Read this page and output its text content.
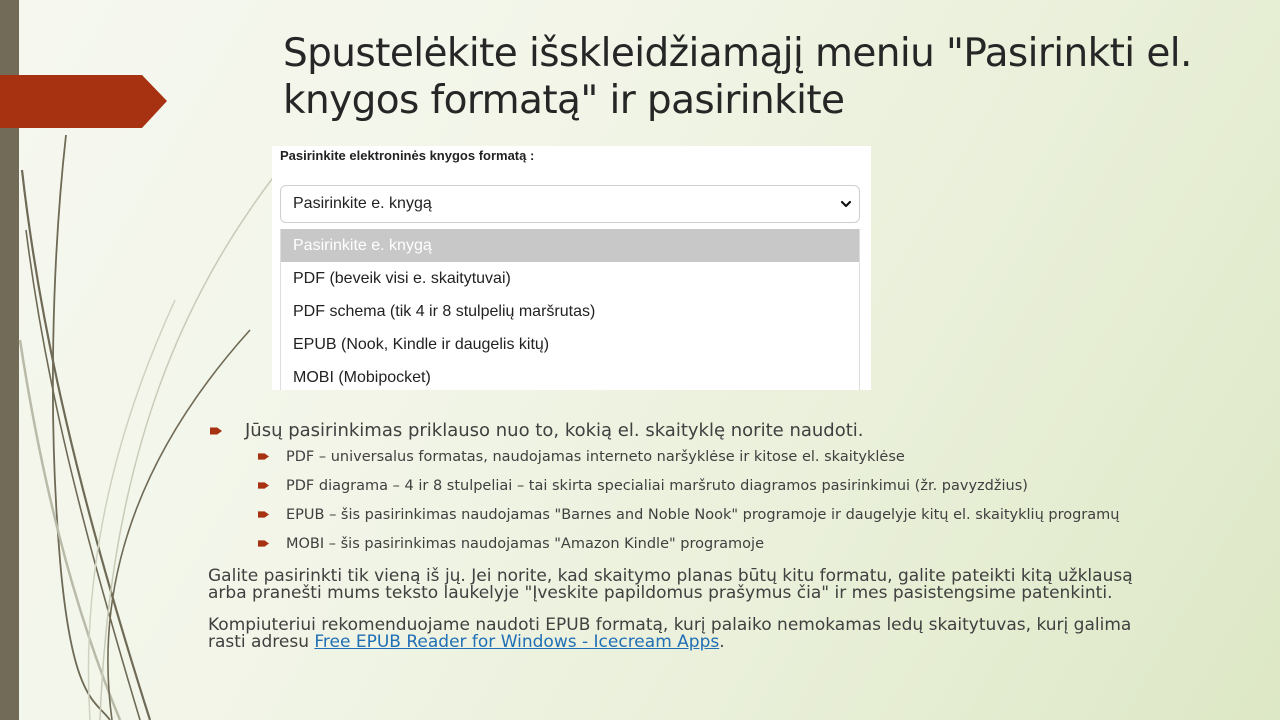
Spustelėkite išskleidžiamąjį meniu "Pasirinkti el. knygos formatą" ir pasirinkite
Pasirinkite elektroninės knygos formatą :
Pasirinkite e. knygą
Pasirinkite e. knygą
PDF (beveik visi e. skaitytuvai)
PDF schema (tik 4 ir 8 stulpelių maršrutas)
EPUB (Nook, Kindle ir daugelis kitų)
MOBI (Mobipocket)
Jūsų pasirinkimas priklauso nuo to, kokią el. skaityklę norite naudoti.
PDF – universalus formatas, naudojamas interneto naršyklėse ir kitose el. skaityklėse
PDF diagrama – 4 ir 8 stulpeliai – tai skirta specialiai maršruto diagramos pasirinkimui (žr. pavyzdžius)
EPUB – šis pasirinkimas naudojamas "Barnes and Noble Nook" programoje ir daugelyje kitų el. skaityklių programų
MOBI – šis pasirinkimas naudojamas "Amazon Kindle" programoje

Galite pasirinkti tik vieną iš jų. Jei norite, kad skaitymo planas būtų kitu formatu, galite pateikti kitą užklausą
arba pranešti mums teksto laukelyje "Įveskite papildomus prašymus čia" ir mes pasistengsime patenkinti.

Kompiuteriui rekomenduojame naudoti EPUB formatą, kurį palaiko nemokamas ledų skaitytuvas, kurį galima
rasti adresu Free EPUB Reader for Windows - Icecream Apps.
